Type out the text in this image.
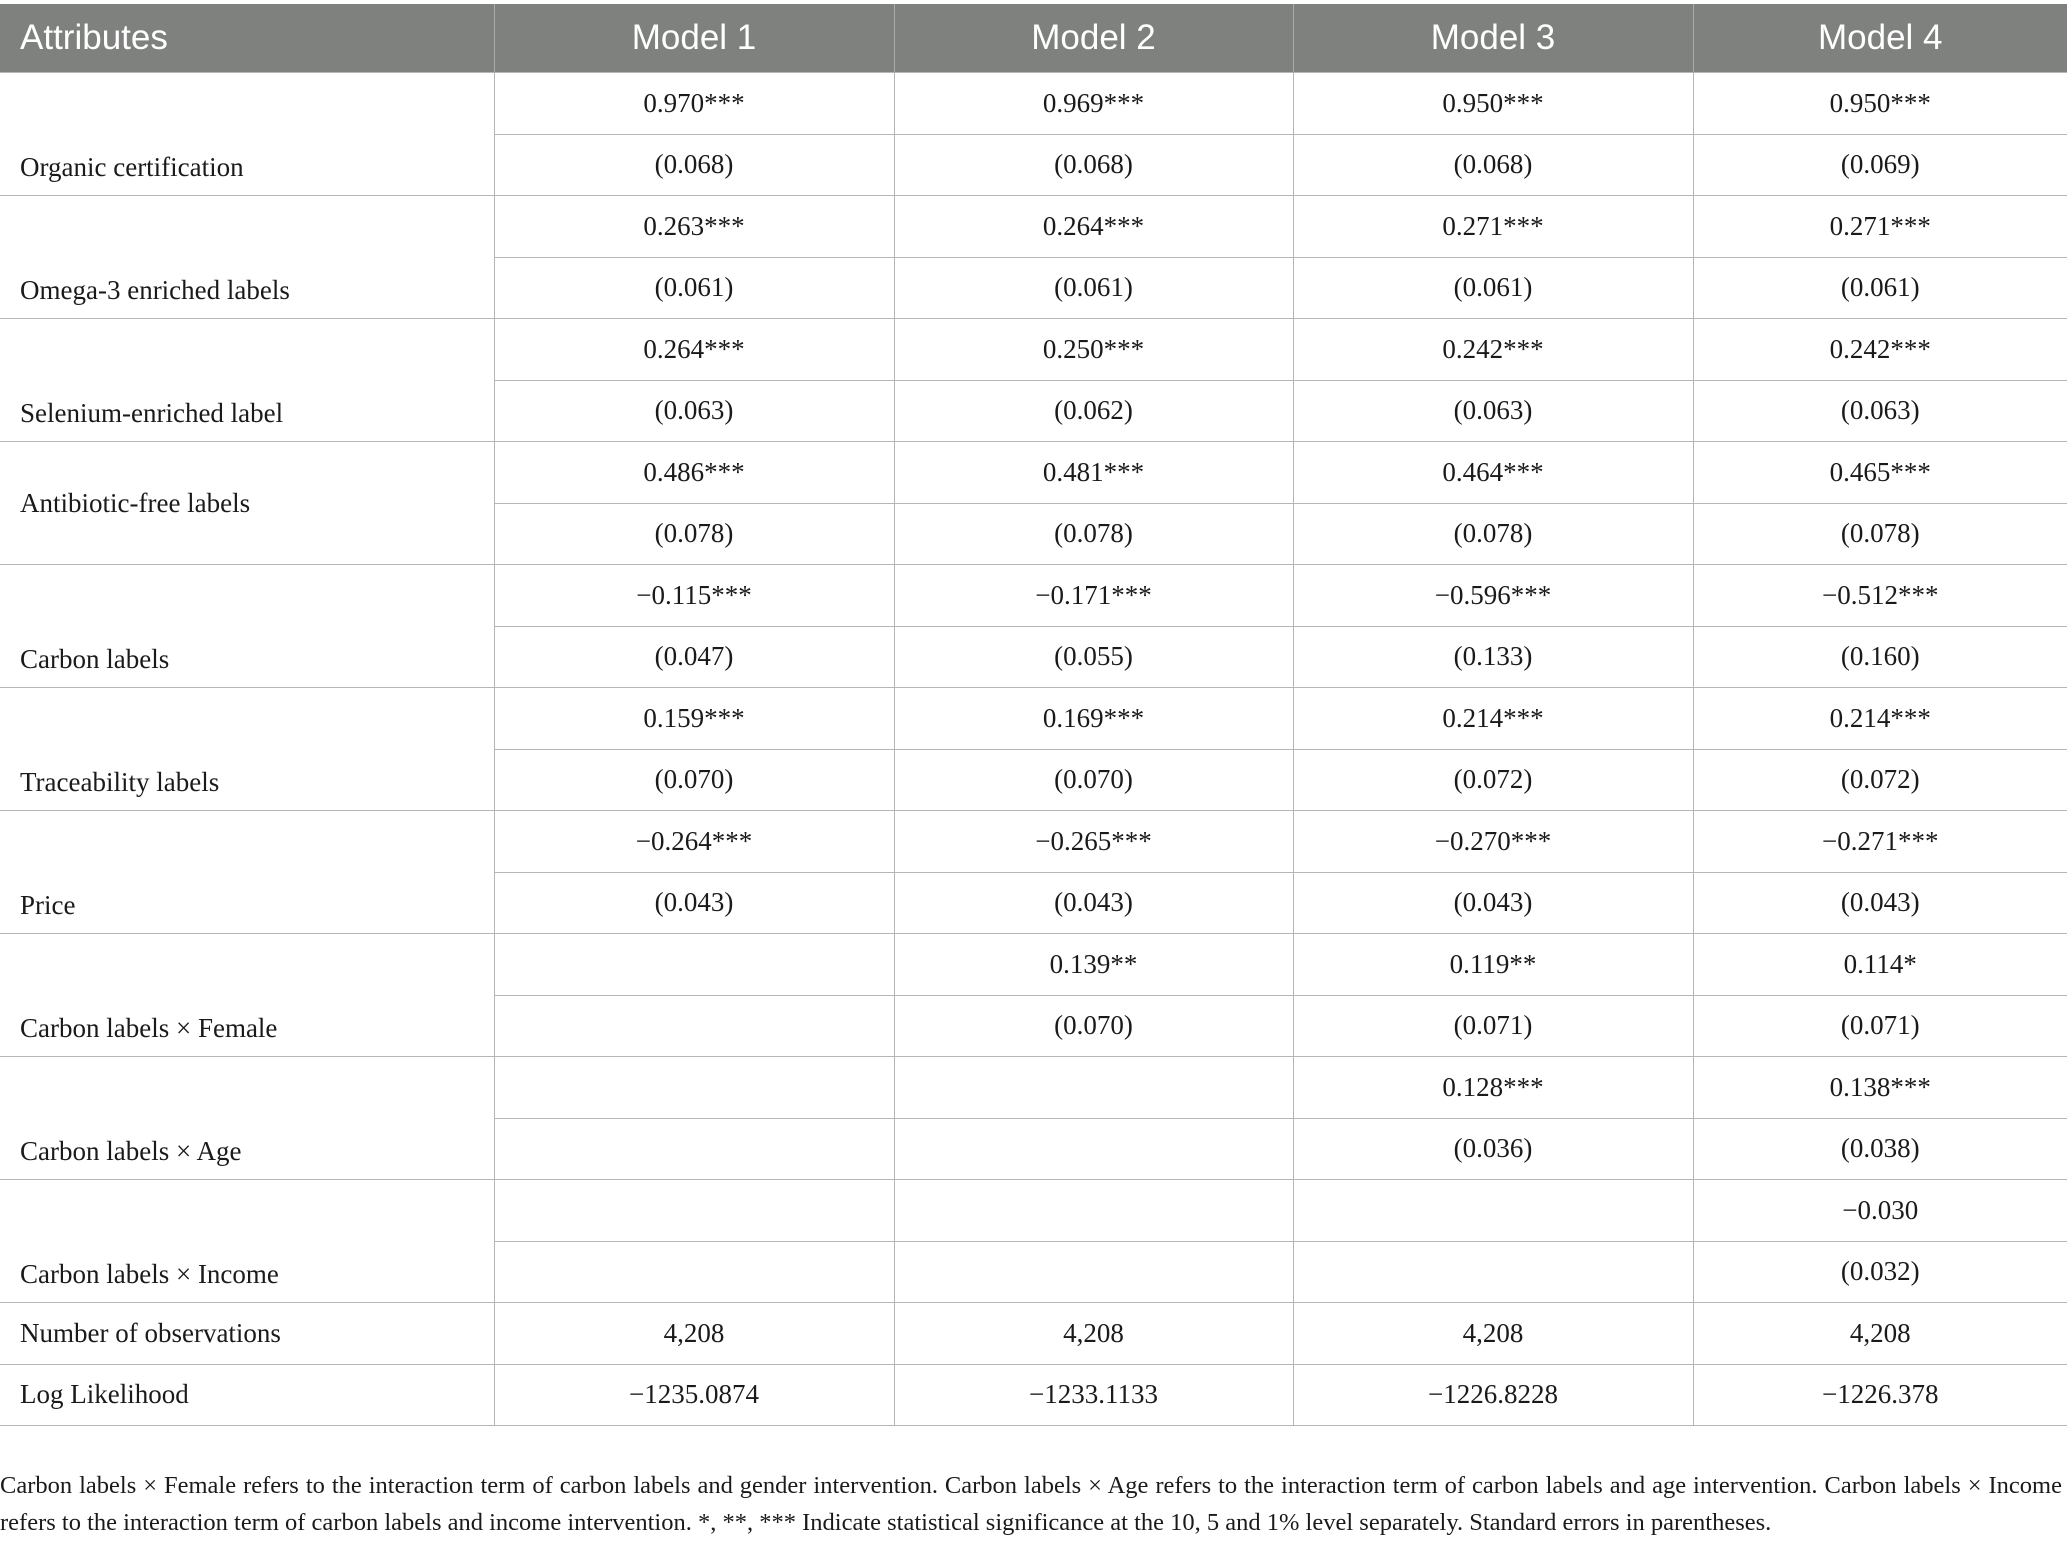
Attributes	Model 1	Model 2	Model 3	Model 4
Organic certification	0.970***	0.969***	0.950***	0.950***
	(0.068)	(0.068)	(0.068)	(0.069)
Omega-3 enriched labels	0.263***	0.264***	0.271***	0.271***
	(0.061)	(0.061)	(0.061)	(0.061)
Selenium-enriched label	0.264***	0.250***	0.242***	0.242***
	(0.063)	(0.062)	(0.063)	(0.063)
Antibiotic-free labels	0.486***	0.481***	0.464***	0.465***
	(0.078)	(0.078)	(0.078)	(0.078)
Carbon labels	−0.115***	−0.171***	−0.596***	−0.512***
	(0.047)	(0.055)	(0.133)	(0.160)
Traceability labels	0.159***	0.169***	0.214***	0.214***
	(0.070)	(0.070)	(0.072)	(0.072)
Price	−0.264***	−0.265***	−0.270***	−0.271***
	(0.043)	(0.043)	(0.043)	(0.043)
Carbon labels × Female		0.139**	0.119**	0.114*
		(0.070)	(0.071)	(0.071)
Carbon labels × Age			0.128***	0.138***
			(0.036)	(0.038)
Carbon labels × Income				−0.030
				(0.032)
Number of observations	4,208	4,208	4,208	4,208
Log Likelihood	−1235.0874	−1233.1133	−1226.8228	−1226.378

Carbon labels × Female refers to the interaction term of carbon labels and gender intervention. Carbon labels × Age refers to the interaction term of carbon labels and age intervention. Carbon labels × Income refers to the interaction term of carbon labels and income intervention. *, **, *** Indicate statistical significance at the 10, 5 and 1% level separately. Standard errors in parentheses.
